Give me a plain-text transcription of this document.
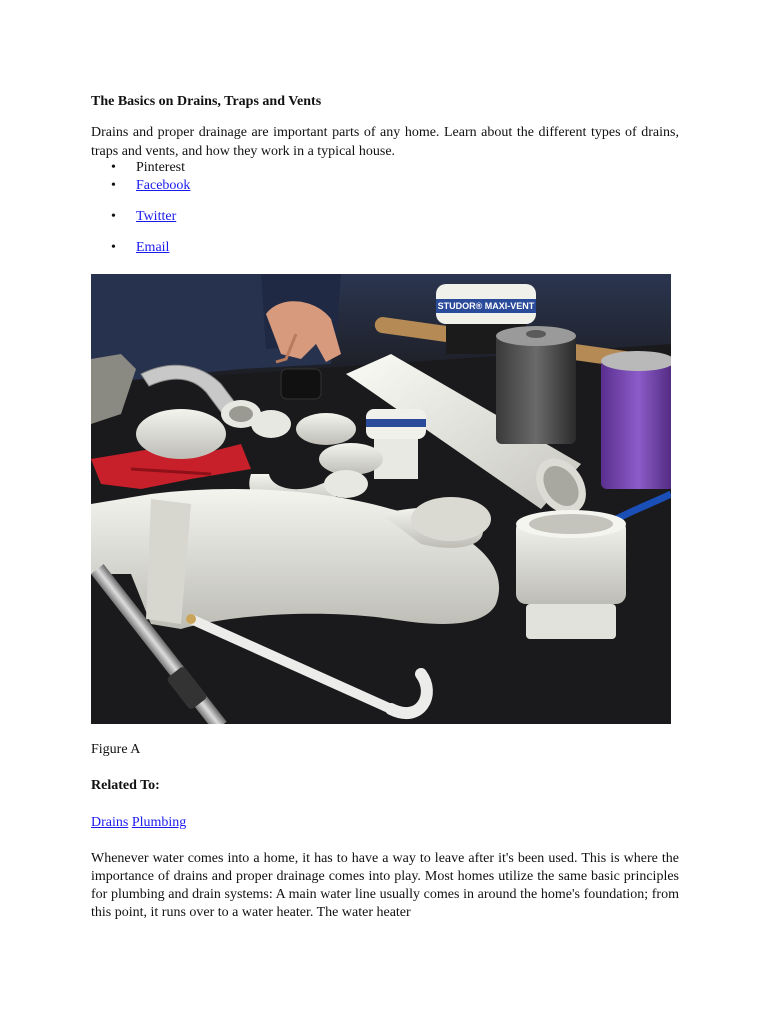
The Basics on Drains, Traps and Vents
Drains and proper drainage are important parts of any home. Learn about the different types of drains, traps and vents, and how they work in a typical house.
• Pinterest
• Facebook
• Twitter
• Email
STUDOR® MAXI-VENT
Figure A
Related To:
Drains Plumbing
Whenever water comes into a home, it has to have a way to leave after it's been used. This is where the importance of drains and proper drainage comes into play. Most homes utilize the same basic principles for plumbing and drain systems: A main water line usually comes in around the home's foundation; from this point, it runs over to a water heater. The water heater
